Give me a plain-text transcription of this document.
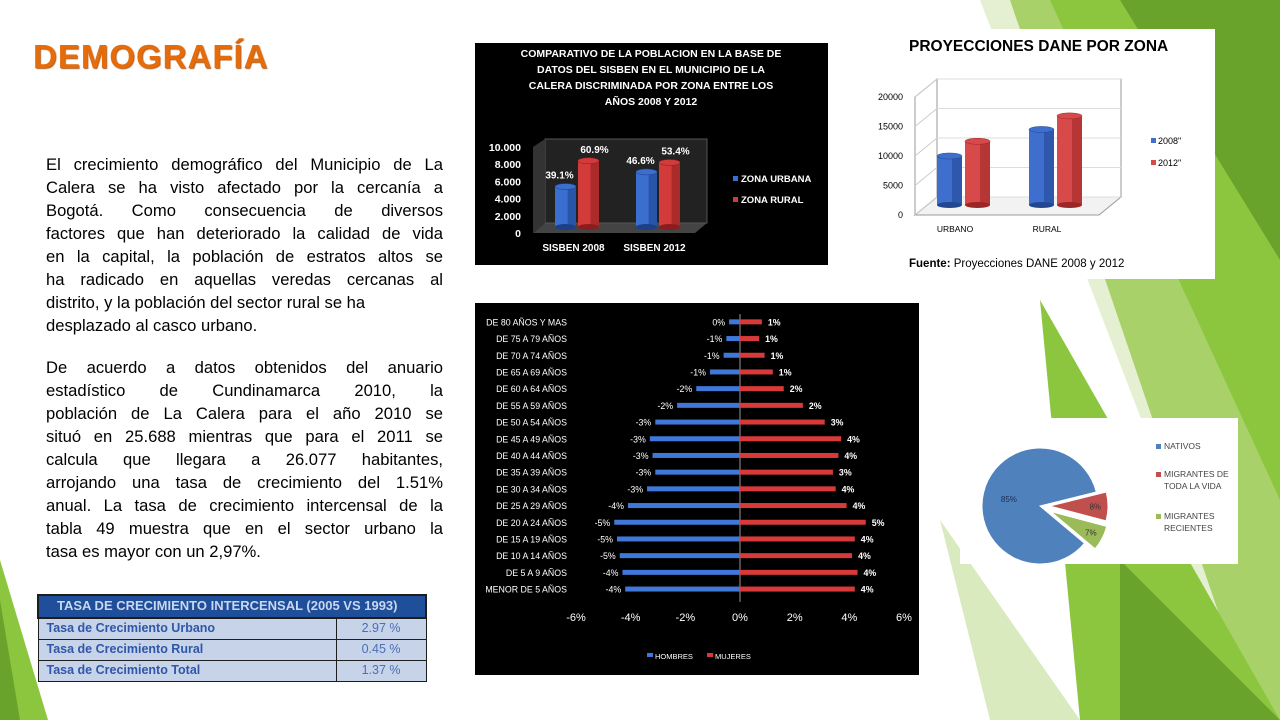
DEMOGRAFÍA
El crecimiento demográfico del Municipio de La
Calera se ha visto afectado por la cercanía a
Bogotá. Como consecuencia de diversos
factores que han deteriorado la calidad de vida
en la capital, la población de estratos altos se
ha radicado en aquellas veredas cercanas al
distrito, y la población del sector rural se ha
desplazado al casco urbano.
De acuerdo a datos obtenidos del anuario
estadístico de Cundinamarca 2010, la
población de La Calera para el año 2010 se
situó en 25.688 mientras que para el 2011 se
calcula que llegara a 26.077 habitantes,
arrojando una tasa de crecimiento del 1.51%
anual. La tasa de crecimiento intercensal de la
tabla 49 muestra que en el sector urbano la
tasa es mayor con un 2,97%.
TASA DE CRECIMIENTO INTERCENSAL (2005 VS 1993)	
Tasa de Crecimiento Urbano	2.97 %
Tasa de Crecimiento Rural	0.45 %
Tasa de Crecimiento Total	1.37 %
COMPARATIVO DE LA POBLACION EN LA BASE DE
DATOS DEL SISBEN EN EL MUNICIPIO DE LA
CALERA DISCRIMINADA POR ZONA ENTRE LOS
AÑOS 2008 Y 2012
0
2.000
4.000
6.000
8.000
10.000
SISBEN 2008
39.1%
60.9%
SISBEN 2012
46.6%
53.4%
ZONA URBANA
ZONA RURAL
PROYECCIONES DANE POR ZONA
0
5000
10000
15000
20000
URBANO	RURAL
2008"
2012"
Fuente: Proyecciones DANE 2008 y 2012
DE 80 AÑOS Y MAS	0%	1%
DE 75 A 79 AÑOS	-1%	1%
DE 70 A 74 AÑOS	-1%	1%
DE 65 A 69 AÑOS	-1%	1%
DE 60 A 64 AÑOS	-2%	2%
DE 55 A 59 AÑOS	-2%	2%
DE 50 A 54 AÑOS	-3%	3%
DE 45 A 49 AÑOS	-3%	4%
DE 40 A 44 AÑOS	-3%	4%
DE 35 A 39 AÑOS	-3%	3%
DE 30 A 34 AÑOS	-3%	4%
DE 25 A 29 AÑOS	-4%	4%
DE 20 A 24 AÑOS	-5%	5%
DE 15 A 19 AÑOS	-5%	4%
DE 10 A 14 AÑOS	-5%	4%
DE 5 A 9 AÑOS	-4%	4%
MENOR DE 5 AÑOS	-4%	4%
-6%	-4%	-2%	0%	2%	4%	6%
HOMBRES	MUJERES
85%
8%
7%
NATIVOS
MIGRANTES DE
TODA LA VIDA
MIGRANTES
RECIENTES
